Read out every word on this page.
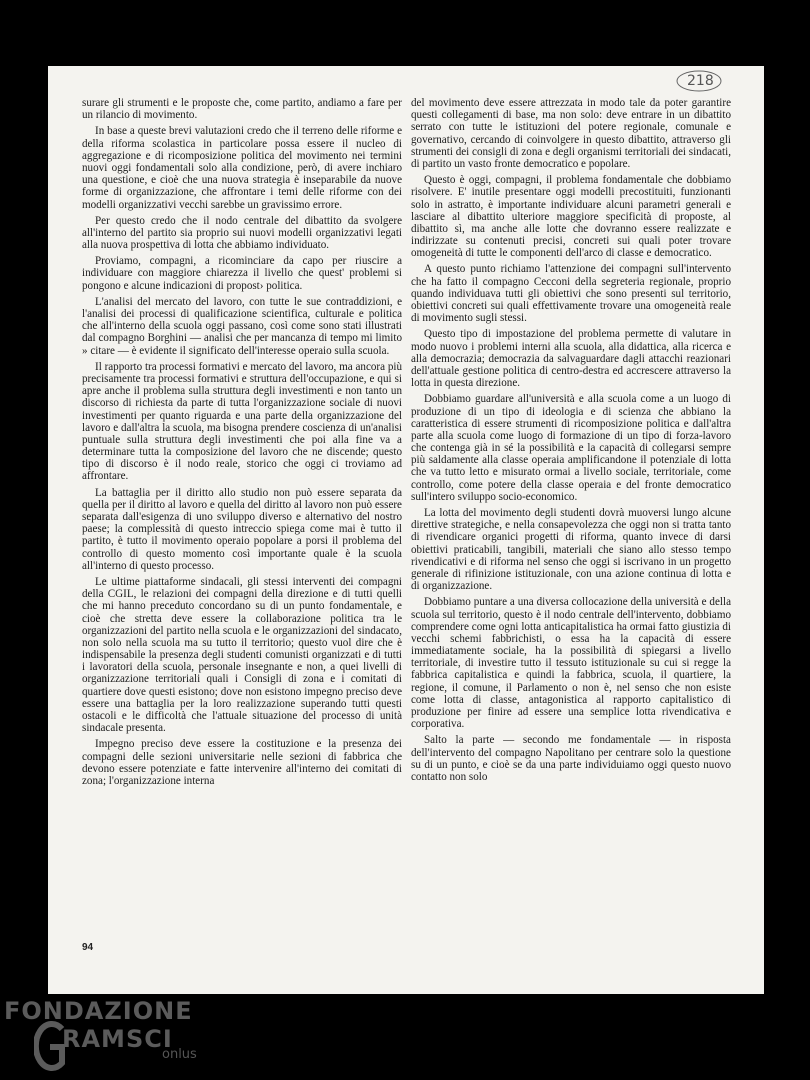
218

surare gli strumenti e le proposte che, come partito, andiamo a fare per un rilancio di movimento.

In base a queste brevi valutazioni credo che il terreno delle riforme e della riforma scolastica in particolare possa essere il nucleo di aggregazione e di ricomposizione politica del movimento nei termini nuovi oggi fondamentali solo alla condizione, però, di avere inchiaro una questione, e cioè che una nuova strategia è inseparabile da nuove forme di organizzazione, che affrontare i temi delle riforme con dei modelli organizzativi vecchi sarebbe un gravissimo errore.

Per questo credo che il nodo centrale del dibattito da svolgere all'interno del partito sia proprio sui nuovi modelli organizzativi legati alla nuova prospettiva di lotta che abbiamo individuato.

Proviamo, compagni, a ricominciare da capo per riuscire a individuare con maggiore chiarezza il livello che quest' problemi si pongono e alcune indicazioni di propost› politica.

L'analisi del mercato del lavoro, con tutte le sue contraddizioni, e l'analisi dei processi di qualificazione scientifica, culturale e politica che all'interno della scuola oggi passano, così come sono stati illustrati dal compagno Borghini — analisi che per mancanza di tempo mi limito » citare — è evidente il significato dell'interesse operaio sulla scuola.

Il rapporto tra processi formativi e mercato del lavoro, ma ancora più precisamente tra processi formativi e struttura dell'occupazione, e qui si apre anche il problema sulla struttura degli investimenti e non tanto un discorso di richiesta da parte di tutta l'organizzazione sociale di nuovi investimenti per quanto riguarda e una parte della organizzazione del lavoro e dall'altra la scuola, ma bisogna prendere coscienza di un'analisi puntuale sulla struttura degli investimenti che poi alla fine va a determinare tutta la composizione del lavoro che ne discende; questo tipo di discorso è il nodo reale, storico che oggi ci troviamo ad affrontare.

La battaglia per il diritto allo studio non può essere separata da quella per il diritto al lavoro e quella del diritto al lavoro non può essere separata dall'esigenza di uno sviluppo diverso e alternativo del nostro paese; la complessità di questo intreccio spiega come mai è tutto il partito, è tutto il movimento operaio popolare a porsi il problema del controllo di questo momento così importante quale è la scuola all'interno di questo processo.

Le ultime piattaforme sindacali, gli stessi interventi dei compagni della CGIL, le relazioni dei compagni della direzione e di tutti quelli che mi hanno preceduto concordano su di un punto fondamentale, e cioè che stretta deve essere la collaborazione politica tra le organizzazioni del partito nella scuola e le organizzazioni del sindacato, non solo nella scuola ma su tutto il territorio; questo vuol dire che è indispensabile la presenza degli studenti comunisti organizzati e di tutti i lavoratori della scuola, personale insegnante e non, a quei livelli di organizzazione territoriali quali i Consigli di zona e i comitati di quartiere dove questi esistono; dove non esistono impegno preciso deve essere una battaglia per la loro realizzazione superando tutti questi ostacoli e le difficoltà che l'attuale situazione del processo di unità sindacale presenta.

Impegno preciso deve essere la costituzione e la presenza dei compagni delle sezioni universitarie nelle sezioni di fabbrica che devono essere potenziate e fatte intervenire all'interno dei comitati di zona; l'organizzazione interna

del movimento deve essere attrezzata in modo tale da poter garantire questi collegamenti di base, ma non solo: deve entrare in un dibattito serrato con tutte le istituzioni del potere regionale, comunale e governativo, cercando di coinvolgere in questo dibattito, attraverso gli strumenti dei consigli di zona e degli organismi territoriali dei sindacati, di partito un vasto fronte democratico e popolare.

Questo è oggi, compagni, il problema fondamentale che dobbiamo risolvere. E' inutile presentare oggi modelli precostituiti, funzionanti solo in astratto, è importante individuare alcuni parametri generali e lasciare al dibattito ulteriore maggiore specificità di proposte, al dibattito sì, ma anche alle lotte che dovranno essere realizzate e indirizzate su contenuti precisi, concreti sui quali poter trovare omogeneità di tutte le componenti dell'arco di classe e democratico.

A questo punto richiamo l'attenzione dei compagni sull'intervento che ha fatto il compagno Cecconi della segreteria regionale, proprio quando individuava tutti gli obiettivi che sono presenti sul territorio, obiettivi concreti sui quali effettivamente trovare una omogeneità reale di movimento sugli stessi.

Questo tipo di impostazione del problema permette di valutare in modo nuovo i problemi interni alla scuola, alla didattica, alla ricerca e alla democrazia; democrazia da salvaguardare dagli attacchi reazionari dell'attuale gestione politica di centro-destra ed accrescere attraverso la lotta in questa direzione.

Dobbiamo guardare all'università e alla scuola come a un luogo di produzione di un tipo di ideologia e di scienza che abbiano la caratteristica di essere strumenti di ricomposizione politica e dall'altra parte alla scuola come luogo di formazione di un tipo di forza-lavoro che contenga già in sé la possibilità e la capacità di collegarsi sempre più saldamente alla classe operaia amplificandone il potenziale di lotta che va tutto letto e misurato ormai a livello sociale, territoriale, come controllo, come potere della classe operaia e del fronte democratico sull'intero sviluppo socio-economico.

La lotta del movimento degli studenti dovrà muoversi lungo alcune direttive strategiche, e nella consapevolezza che oggi non si tratta tanto di rivendicare organici progetti di riforma, quanto invece di darsi obiettivi praticabili, tangibili, materiali che siano allo stesso tempo rivendicativi e di riforma nel senso che oggi si iscrivano in un progetto generale di rifinizione istituzionale, con una azione continua di lotta e di organizzazione.

Dobbiamo puntare a una diversa collocazione della università e della scuola sul territorio, questo è il nodo centrale dell'intervento, dobbiamo comprendere come ogni lotta anticapitalistica ha ormai fatto giustizia di vecchi schemi fabbrichisti, o essa ha la capacità di essere immediatamente sociale, ha la possibilità di spiegarsi a livello territoriale, di investire tutto il tessuto istituzionale su cui si regge la fabbrica capitalistica e quindi la fabbrica, scuola, il quartiere, la regione, il comune, il Parlamento o non è, nel senso che non esiste come lotta di classe, antagonistica al rapporto capitalistico di produzione per finire ad essere una semplice lotta rivendicativa e corporativa.

Salto la parte — secondo me fondamentale — in risposta dell'intervento del compagno Napolitano per centrare solo la questione su di un punto, e cioè se da una parte individuiamo oggi questo nuovo contatto non solo

94
FONDAZIONE
RAMSCI
onlus
